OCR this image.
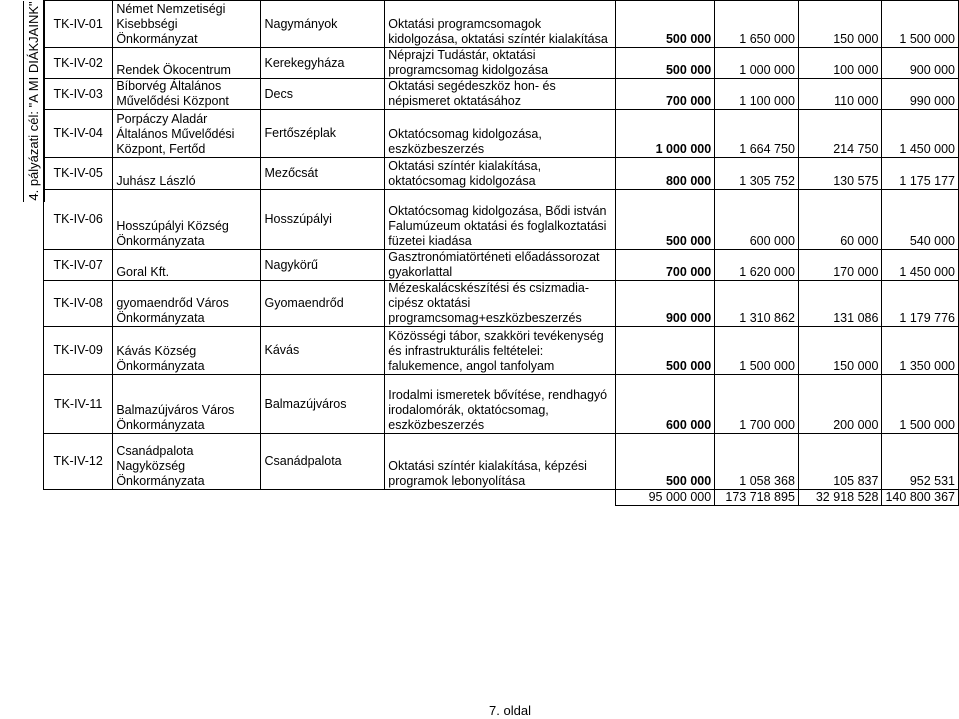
4. pályázati cél: "A MI DIÁKJAINK" TK-IV-01	Német Nemzetiségi Kisebbségi Önkormányzat	Nagymányok	Oktatási programcsomagok kidolgozása, oktatási színtér kialakítása	500 000	1 650 000	150 000	1 500 000
TK-IV-02	Rendek Ökocentrum	Kerekegyháza	Néprajzi Tudástár, oktatási programcsomag kidolgozása	500 000	1 000 000	100 000	900 000
TK-IV-03	Bíborvég Általános Művelődési Központ	Decs	Oktatási segédeszköz hon- és népismeret oktatásához	700 000	1 100 000	110 000	990 000
TK-IV-04	Porpáczy Aladár Általános Művelődési Központ, Fertőd	Fertőszéplak	Oktatócsomag kidolgozása, eszközbeszerzés	1 000 000	1 664 750	214 750	1 450 000
TK-IV-05	Juhász László	Mezőcsát	Oktatási színtér kialakítása, oktatócsomag kidolgozása	800 000	1 305 752	130 575	1 175 177
TK-IV-06	Hosszúpályi Község Önkormányzata	Hosszúpályi	Oktatócsomag kidolgozása, Bődi istván Falumúzeum oktatási és foglalkoztatási füzetei kiadása	500 000	600 000	60 000	540 000
TK-IV-07	Goral Kft.	Nagykörű	Gasztronómiatörténeti előadássorozat gyakorlattal	700 000	1 620 000	170 000	1 450 000
TK-IV-08	gyomaendrőd Város Önkormányzata	Gyomaendrőd	Mézeskalácskészítési és csizmadia-cipész oktatási programcsomag+eszközbeszerzés	900 000	1 310 862	131 086	1 179 776
TK-IV-09	Kávás Község Önkormányzata	Kávás	Közösségi tábor, szakköri tevékenység és infrastrukturális feltételei: falukemence, angol tanfolyam	500 000	1 500 000	150 000	1 350 000
TK-IV-11	Balmazújváros Város Önkormányzata	Balmazújváros	Irodalmi ismeretek bővítése, rendhagyó irodalomórák, oktatócsomag, eszközbeszerzés	600 000	1 700 000	200 000	1 500 000
TK-IV-12	Csanádpalota Nagyközség Önkormányzata	Csanádpalota	Oktatási színtér kialakítása, képzési programok lebonyolítása	500 000	1 058 368	105 837	952 531
				95 000 000	173 718 895	32 918 528	140 800 367
7. oldal
